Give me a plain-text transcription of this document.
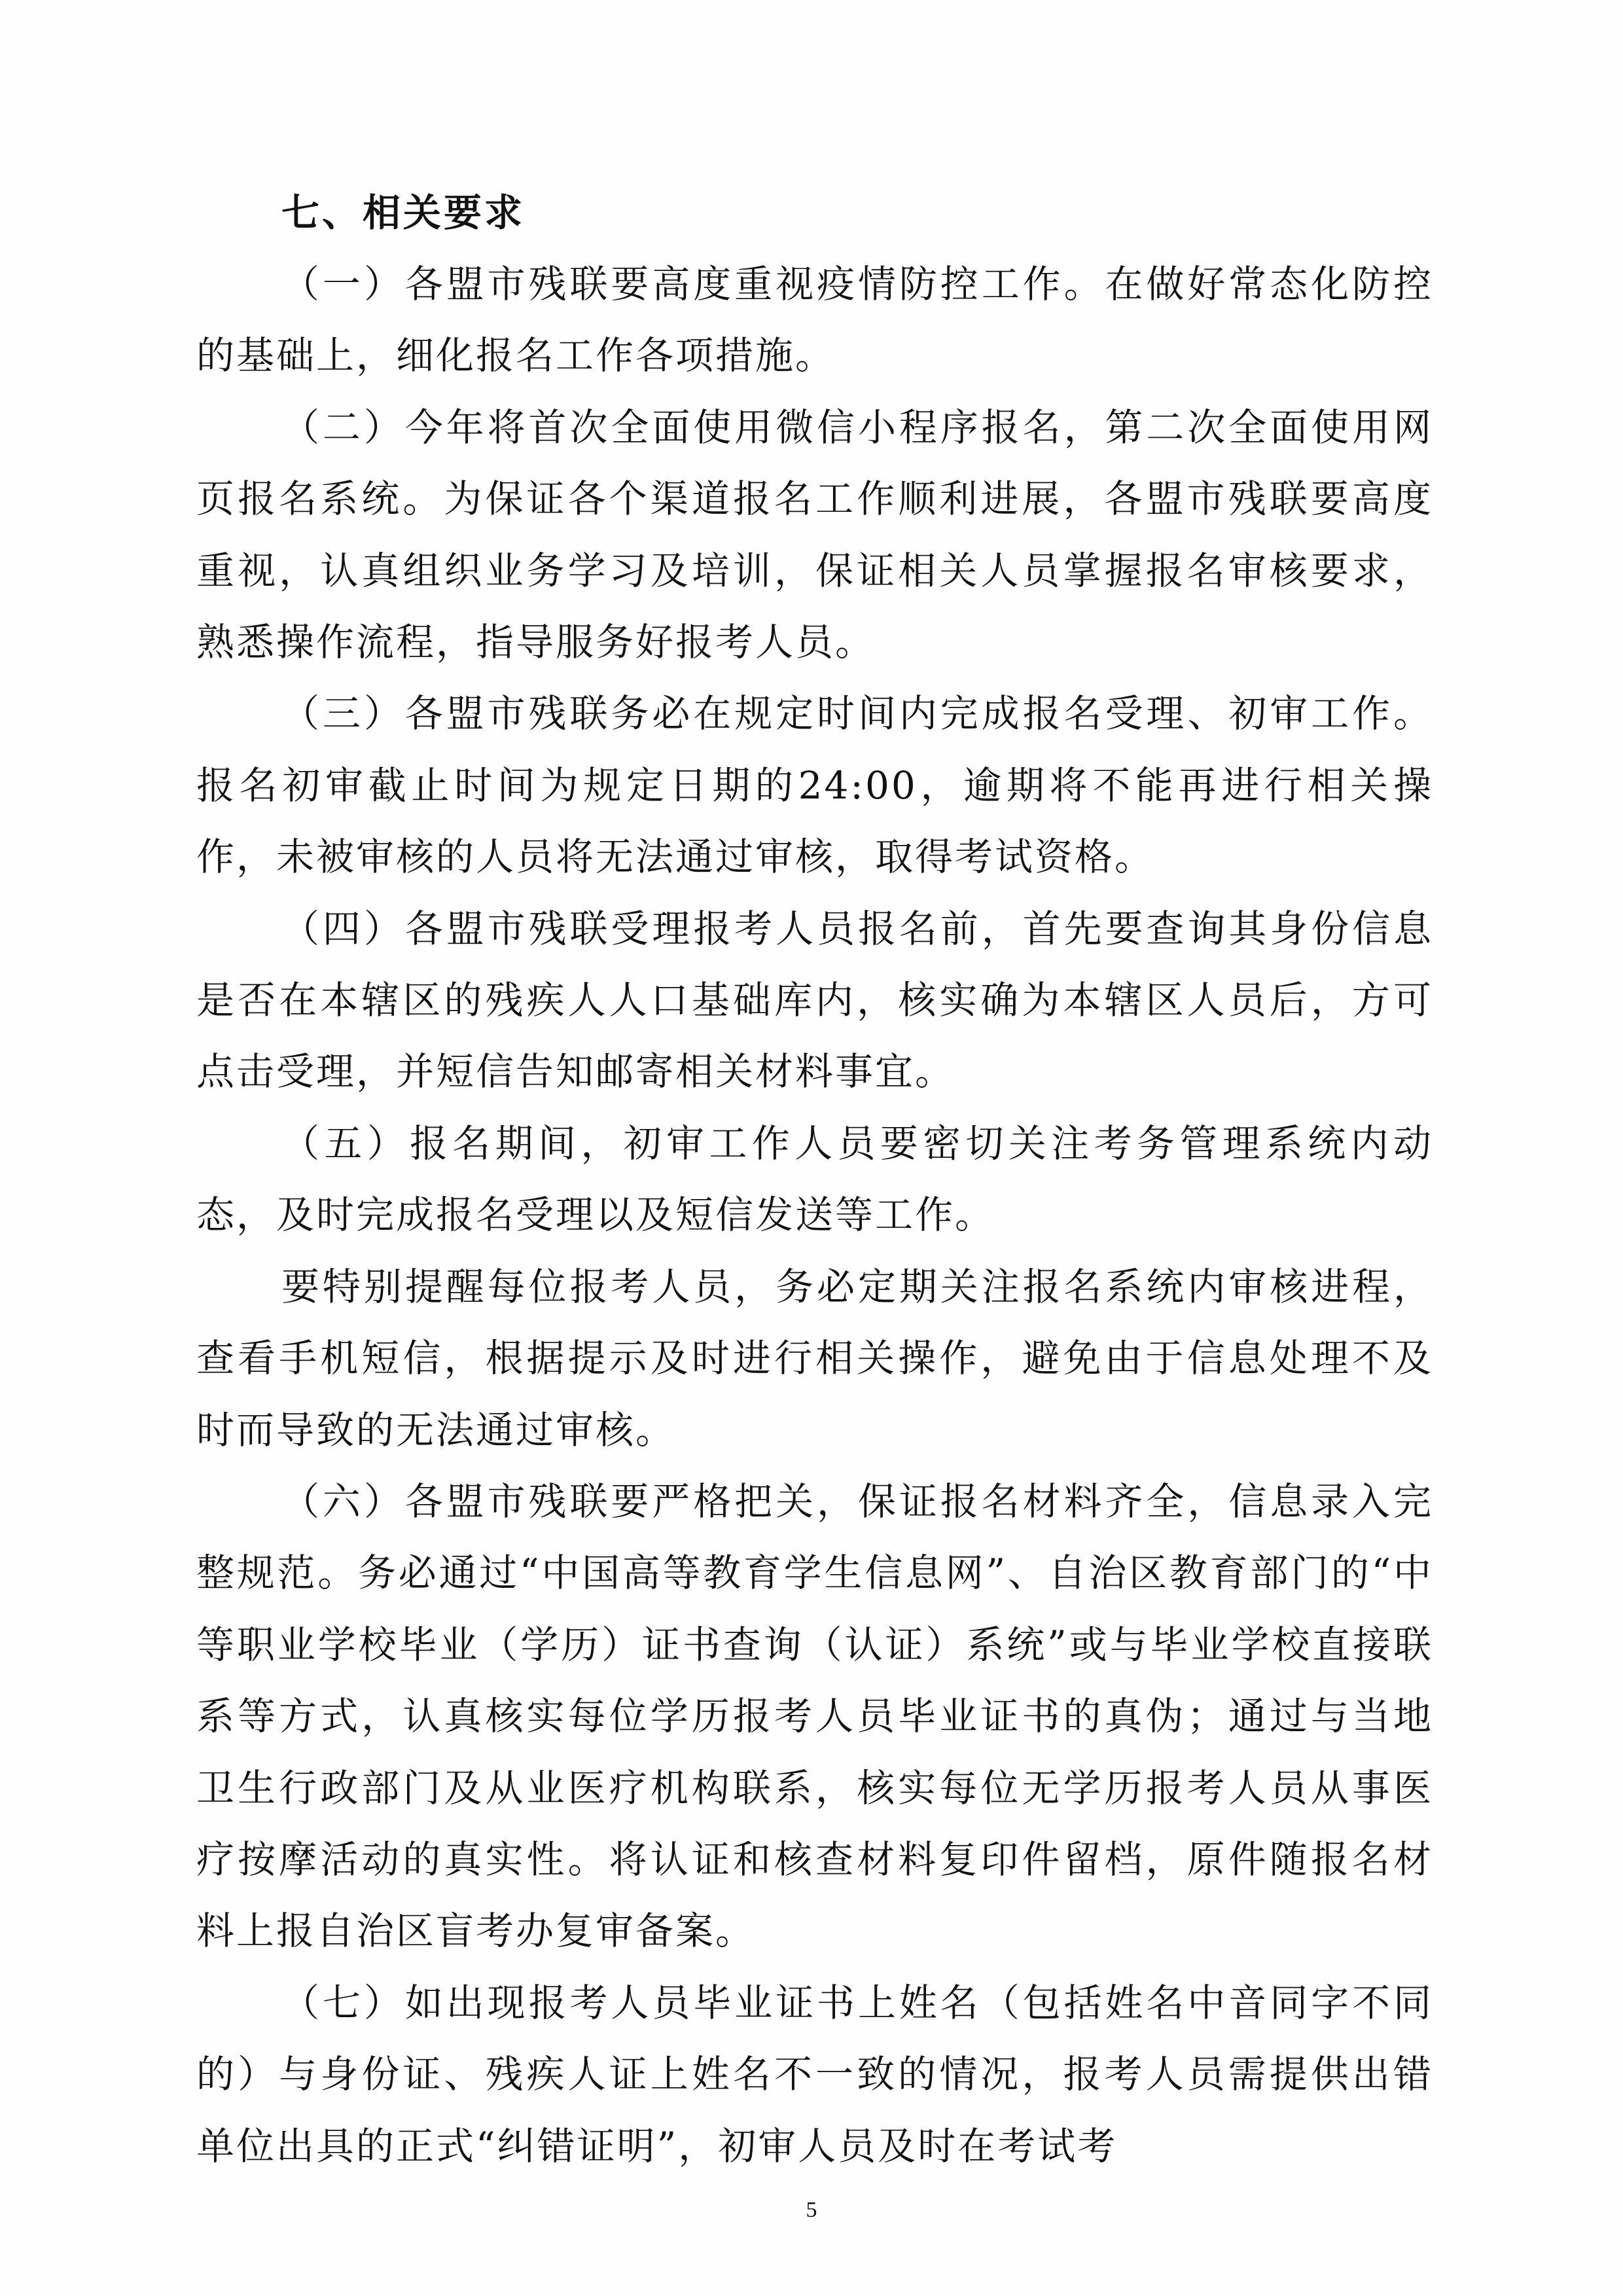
七、相关要求

（一）各盟市残联要高度重视疫情防控工作。在做好常态化防控的基础上，细化报名工作各项措施。

（二）今年将首次全面使用微信小程序报名，第二次全面使用网页报名系统。为保证各个渠道报名工作顺利进展，各盟市残联要高度重视，认真组织业务学习及培训，保证相关人员掌握报名审核要求，熟悉操作流程，指导服务好报考人员。

（三）各盟市残联务必在规定时间内完成报名受理、初审工作。报名初审截止时间为规定日期的24:00，逾期将不能再进行相关操作，未被审核的人员将无法通过审核，取得考试资格。

（四）各盟市残联受理报考人员报名前，首先要查询其身份信息是否在本辖区的残疾人人口基础库内，核实确为本辖区人员后，方可点击受理，并短信告知邮寄相关材料事宜。

（五）报名期间，初审工作人员要密切关注考务管理系统内动态，及时完成报名受理以及短信发送等工作。

要特别提醒每位报考人员，务必定期关注报名系统内审核进程，查看手机短信，根据提示及时进行相关操作，避免由于信息处理不及时而导致的无法通过审核。

（六）各盟市残联要严格把关，保证报名材料齐全，信息录入完整规范。务必通过“中国高等教育学生信息网”、自治区教育部门的“中等职业学校毕业（学历）证书查询（认证）系统”或与毕业学校直接联系等方式，认真核实每位学历报考人员毕业证书的真伪；通过与当地卫生行政部门及从业医疗机构联系，核实每位无学历报考人员从事医疗按摩活动的真实性。将认证和核查材料复印件留档，原件随报名材料上报自治区盲考办复审备案。

（七）如出现报考人员毕业证书上姓名（包括姓名中音同字不同的）与身份证、残疾人证上姓名不一致的情况，报考人员需提供出错单位出具的正式“纠错证明”，初审人员及时在考试考

5
